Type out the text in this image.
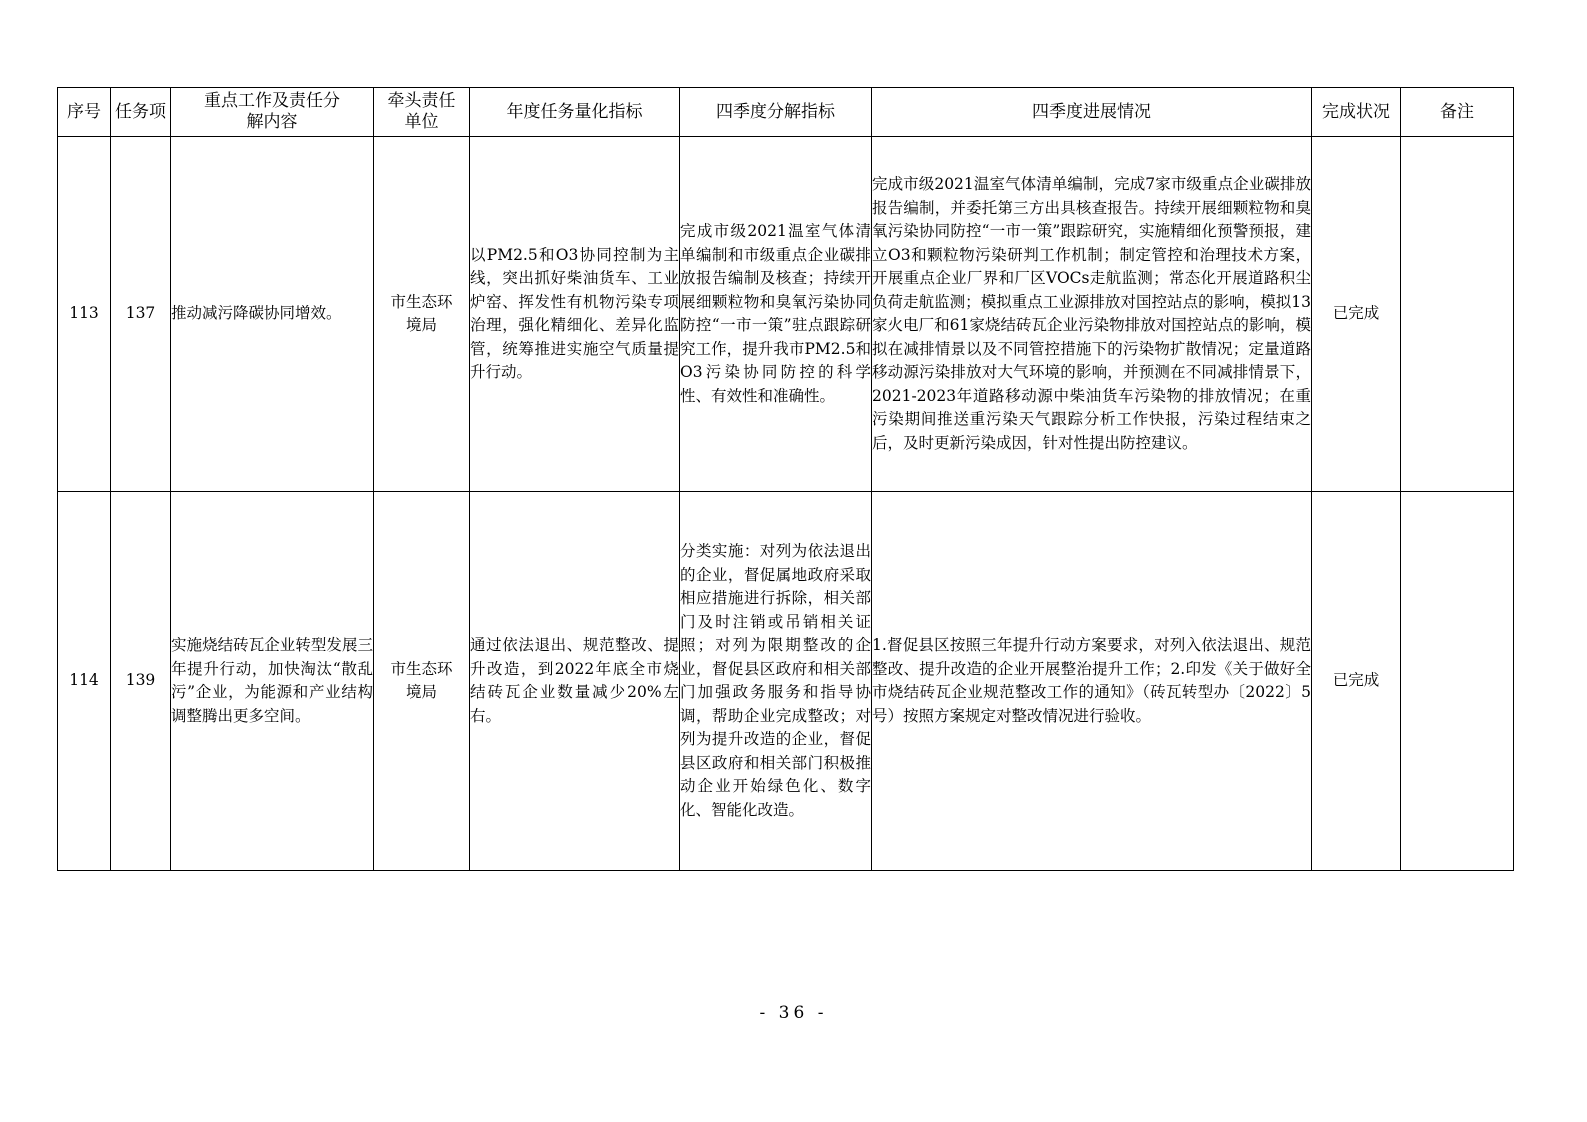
序号	任务项	重点工作及责任分解内容	牵头责任单位	年度任务量化指标	四季度分解指标	四季度进展情况	完成状况	备注
113	137	推动减污降碳协同增效。	市生态环境局	以PM2.5和O3协同控制为主线，突出抓好柴油货车、工业炉窑、挥发性有机物污染专项治理，强化精细化、差异化监管，统筹推进实施空气质量提升行动。	完成市级2021温室气体清单编制和市级重点企业碳排放报告编制及核查；持续开展细颗粒物和臭氧污染协同防控“一市一策”驻点跟踪研究工作，提升我市PM2.5和O3污染协同防控的科学性、有效性和准确性。	完成市级2021温室气体清单编制，完成7家市级重点企业碳排放报告编制，并委托第三方出具核查报告。持续开展细颗粒物和臭氧污染协同防控“一市一策”跟踪研究，实施精细化预警预报，建立O3和颗粒物污染研判工作机制；制定管控和治理技术方案，开展重点企业厂界和厂区VOCs走航监测；常态化开展道路积尘负荷走航监测；模拟重点工业源排放对国控站点的影响，模拟13家火电厂和61家烧结砖瓦企业污染物排放对国控站点的影响，模拟在减排情景以及不同管控措施下的污染物扩散情况；定量道路移动源污染排放对大气环境的影响，并预测在不同减排情景下，2021-2023年道路移动源中柴油货车污染物的排放情况；在重污染期间推送重污染天气跟踪分析工作快报，污染过程结束之后，及时更新污染成因，针对性提出防控建议。	已完成	
114	139	实施烧结砖瓦企业转型发展三年提升行动，加快淘汰“散乱污”企业，为能源和产业结构调整腾出更多空间。	市生态环境局	通过依法退出、规范整改、提升改造，到2022年底全市烧结砖瓦企业数量减少20%左右。	分类实施：对列为依法退出的企业，督促属地政府采取相应措施进行拆除，相关部门及时注销或吊销相关证照；对列为限期整改的企业，督促县区政府和相关部门加强政务服务和指导协调，帮助企业完成整改；对列为提升改造的企业，督促县区政府和相关部门积极推动企业开始绿色化、数字化、智能化改造。	1.督促县区按照三年提升行动方案要求，对列入依法退出、规范整改、提升改造的企业开展整治提升工作；2.印发《关于做好全市烧结砖瓦企业规范整改工作的通知》（砖瓦转型办〔2022〕5号）按照方案规定对整改情况进行验收。	已完成	
- 36 -
